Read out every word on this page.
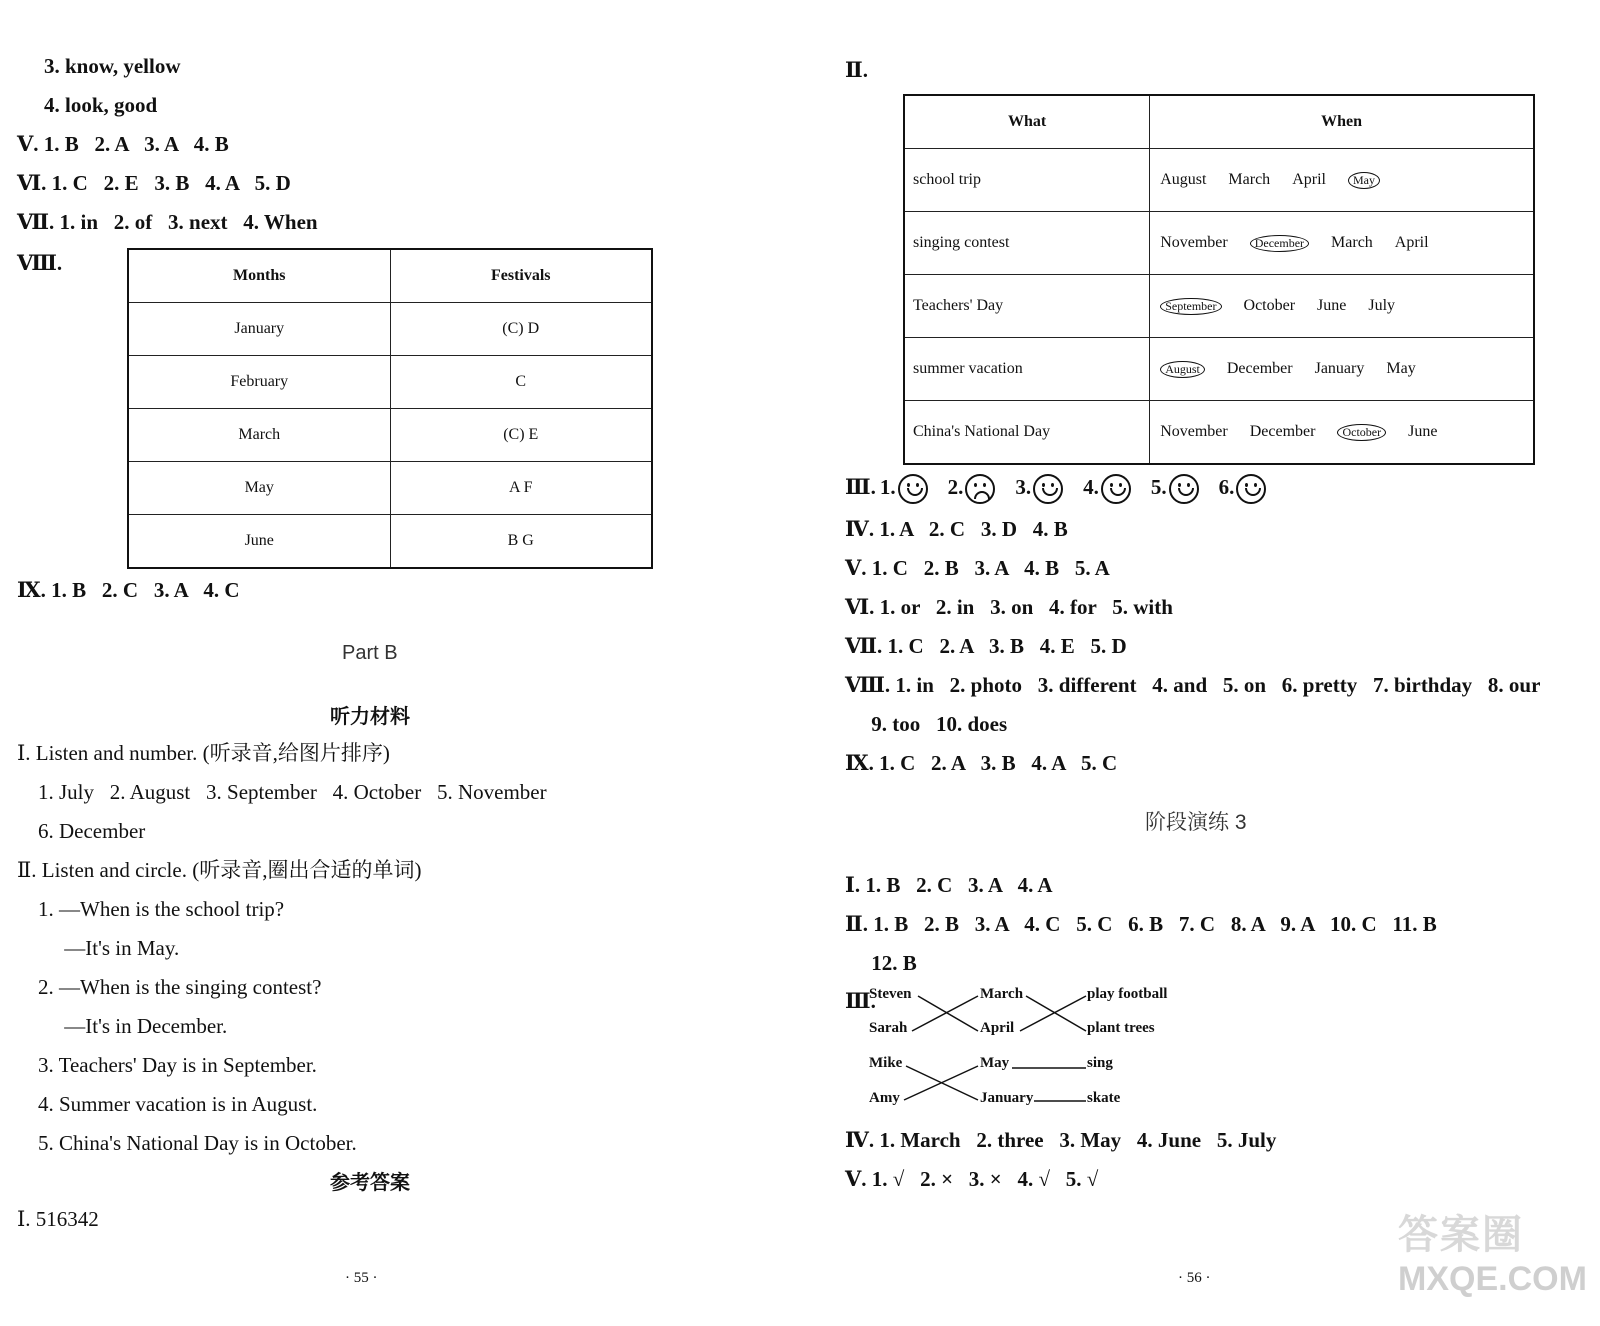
3. know, yellow
4. look, good
Ⅴ. 1. B   2. A   3. A   4. B
Ⅵ. 1. C   2. E   3. B   4. A   5. D
Ⅶ. 1. in   2. of   3. next   4. When
Ⅷ.
Months	Festivals
January	(C) D
February	C
March	(C) E
May	A F
June	B G
Ⅸ. 1. B   2. C   3. A   4. C
Part B
听力材料
Ⅰ. Listen and number. (听录音,给图片排序)
1. July   2. August   3. September   4. October   5. November
6. December
Ⅱ. Listen and circle. (听录音,圈出合适的单词)
1. —When is the school trip?
—It's in May.
2. —When is the singing contest?
—It's in December.
3. Teachers' Day is in September.
4. Summer vacation is in August.
5. China's National Day is in October.
参考答案
Ⅰ. 516342
· 55 ·
Ⅱ.
What	When
school trip	August March April May
singing contest	November December March April
Teachers' Day	September October June July
summer vacation	August December January May
China's National Day	November December October June
Ⅲ. 1. 2. 3. 4. 5. 6.
Ⅳ. 1. A   2. C   3. D   4. B
Ⅴ. 1. C   2. B   3. A   4. B   5. A
Ⅵ. 1. or   2. in   3. on   4. for   5. with
Ⅶ. 1. C   2. A   3. B   4. E   5. D
Ⅷ. 1. in   2. photo   3. different   4. and   5. on   6. pretty   7. birthday   8. our
9. too   10. does
Ⅸ. 1. C   2. A   3. B   4. A   5. C
阶段演练 3
Ⅰ. 1. B   2. C   3. A   4. A
Ⅱ. 1. B   2. B   3. A   4. C   5. C   6. B   7. C   8. A   9. A   10. C   11. B
12. B
Ⅲ.
Steven
Sarah
Mike
Amy
March
April
May
January
play football
plant trees
sing
skate
Ⅳ. 1. March   2. three   3. May   4. June   5. July
Ⅴ. 1. √   2. ×   3. ×   4. √   5. √
· 56 ·
答案圈
MXQE.COM
